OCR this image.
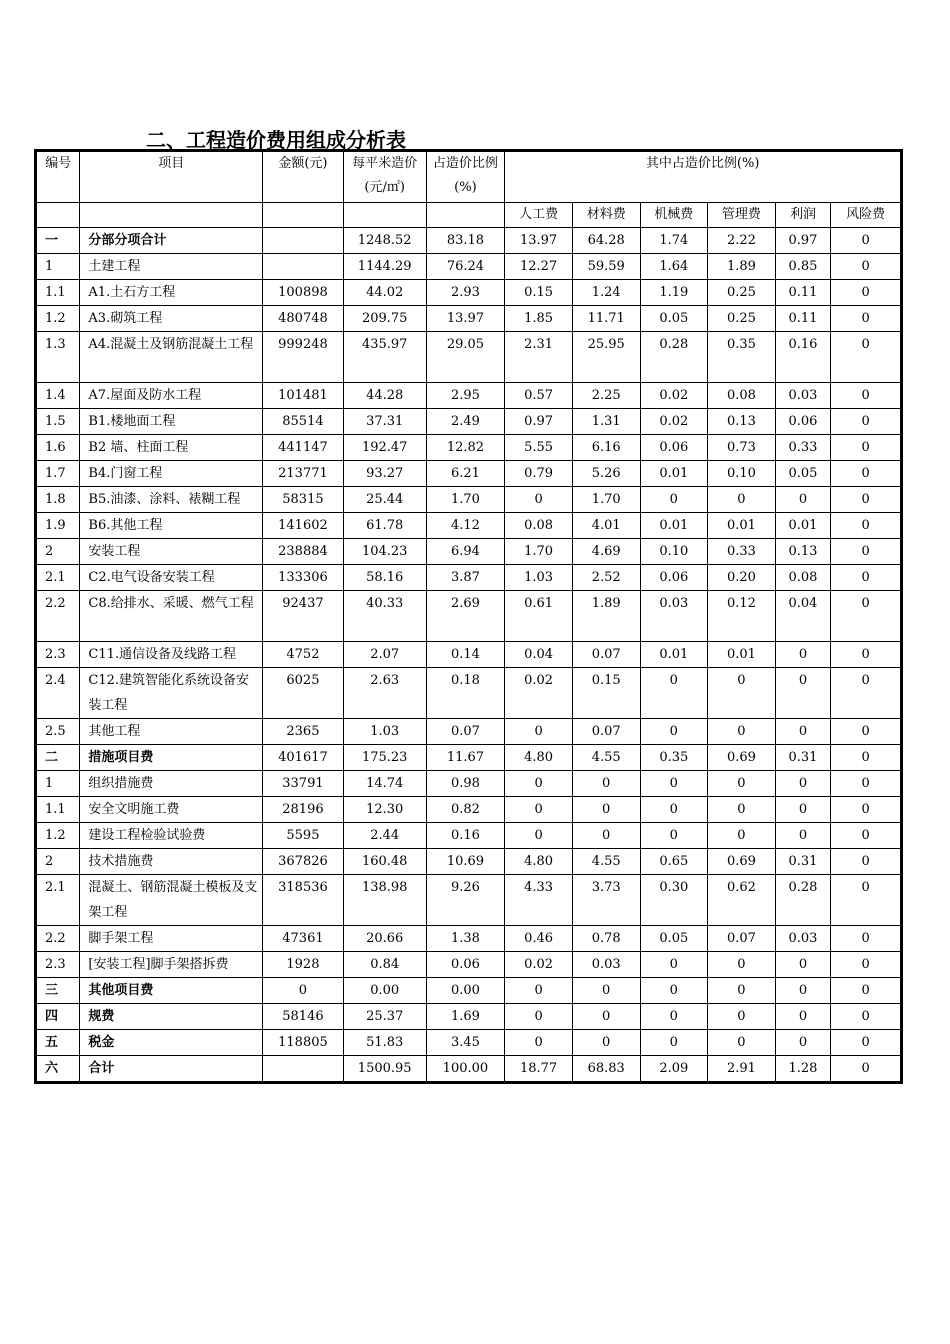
二、工程造价费用组成分析表
编号	项目	金额(元)	每平米造价(元/㎡)	占造价比例(%)	其中占造价比例(%)					
					人工费	材料费	机械费	管理费	利润	风险费
一	分部分项合计		1248.52	83.18	13.97	64.28	1.74	2.22	0.97	0
1	土建工程		1144.29	76.24	12.27	59.59	1.64	1.89	0.85	0
1.1	A1.土石方工程	100898	44.02	2.93	0.15	1.24	1.19	0.25	0.11	0
1.2	A3.砌筑工程	480748	209.75	13.97	1.85	11.71	0.05	0.25	0.11	0
1.3	A4.混凝土及钢筋混凝土工程	999248	435.97	29.05	2.31	25.95	0.28	0.35	0.16	0
1.4	A7.屋面及防水工程	101481	44.28	2.95	0.57	2.25	0.02	0.08	0.03	0
1.5	B1.楼地面工程	85514	37.31	2.49	0.97	1.31	0.02	0.13	0.06	0
1.6	B2 墙、柱面工程	441147	192.47	12.82	5.55	6.16	0.06	0.73	0.33	0
1.7	B4.门窗工程	213771	93.27	6.21	0.79	5.26	0.01	0.10	0.05	0
1.8	B5.油漆、涂料、裱糊工程	58315	25.44	1.70	0	1.70	0	0	0	0
1.9	B6.其他工程	141602	61.78	4.12	0.08	4.01	0.01	0.01	0.01	0
2	安装工程	238884	104.23	6.94	1.70	4.69	0.10	0.33	0.13	0
2.1	C2.电气设备安装工程	133306	58.16	3.87	1.03	2.52	0.06	0.20	0.08	0
2.2	C8.给排水、采暖、燃气工程	92437	40.33	2.69	0.61	1.89	0.03	0.12	0.04	0
2.3	C11.通信设备及线路工程	4752	2.07	0.14	0.04	0.07	0.01	0.01	0	0
2.4	C12.建筑智能化系统设备安装工程	6025	2.63	0.18	0.02	0.15	0	0	0	0
2.5	其他工程	2365	1.03	0.07	0	0.07	0	0	0	0
二	措施项目费	401617	175.23	11.67	4.80	4.55	0.35	0.69	0.31	0
1	组织措施费	33791	14.74	0.98	0	0	0	0	0	0
1.1	安全文明施工费	28196	12.30	0.82	0	0	0	0	0	0
1.2	建设工程检验试验费	5595	2.44	0.16	0	0	0	0	0	0
2	技术措施费	367826	160.48	10.69	4.80	4.55	0.65	0.69	0.31	0
2.1	混凝土、钢筋混凝土模板及支架工程	318536	138.98	9.26	4.33	3.73	0.30	0.62	0.28	0
2.2	脚手架工程	47361	20.66	1.38	0.46	0.78	0.05	0.07	0.03	0
2.3	[安装工程]脚手架搭拆费	1928	0.84	0.06	0.02	0.03	0	0	0	0
三	其他项目费	0	0.00	0.00	0	0	0	0	0	0
四	规费	58146	25.37	1.69	0	0	0	0	0	0
五	税金	118805	51.83	3.45	0	0	0	0	0	0
六	合计		1500.95	100.00	18.77	68.83	2.09	2.91	1.28	0
